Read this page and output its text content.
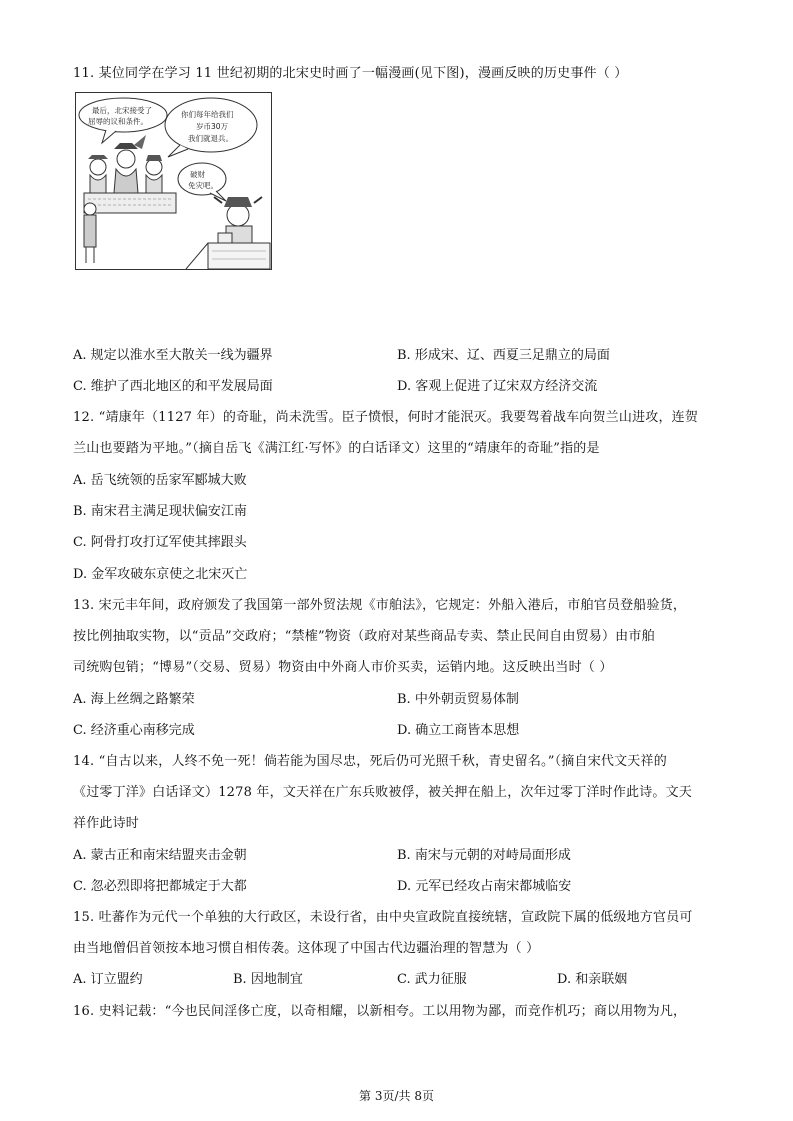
11. 某位同学在学习 11 世纪初期的北宋史时画了一幅漫画(见下图)，漫画反映的历史事件（ ）
最后，北宋接受了
屈辱的议和条件。
你们每年给我们
岁币30万
我们就退兵。
破财
免灾吧。
A. 规定以淮水至大散关一线为疆界	B. 形成宋、辽、西夏三足鼎立的局面
C. 维护了西北地区的和平发展局面	D. 客观上促进了辽宋双方经济交流
12. “靖康年（1127 年）的奇耻，尚未洗雪。臣子愤恨，何时才能泯灭。我要驾着战车向贺兰山进攻，连贺
兰山也要踏为平地。”（摘自岳飞《满江红·写怀》的白话译文）这里的“靖康年的奇耻”指的是
A. 岳飞统领的岳家军郾城大败
B. 南宋君主满足现状偏安江南
C. 阿骨打攻打辽军使其摔跟头
D. 金军攻破东京使之北宋灭亡
13. 宋元丰年间，政府颁发了我国第一部外贸法规《市舶法》，它规定：外船入港后，市舶官员登船验货，
按比例抽取实物，以“贡品”交政府；“禁榷”物资（政府对某些商品专卖、禁止民间自由贸易）由市舶
司统购包销；“博易”（交易、贸易）物资由中外商人市价买卖，运销内地。这反映出当时（ ）
A. 海上丝绸之路繁荣	B. 中外朝贡贸易体制
C. 经济重心南移完成	D. 确立工商皆本思想
14. “自古以来，人终不免一死！倘若能为国尽忠，死后仍可光照千秋，青史留名。”（摘自宋代文天祥的
《过零丁洋》白话译文）1278 年，文天祥在广东兵败被俘，被关押在船上，次年过零丁洋时作此诗。文天
祥作此诗时
A. 蒙古正和南宋结盟夹击金朝	B. 南宋与元朝的对峙局面形成
C. 忽必烈即将把都城定于大都	D. 元军已经攻占南宋都城临安
15. 吐蕃作为元代一个单独的大行政区，未设行省，由中央宣政院直接统辖，宣政院下属的低级地方官员可
由当地僧侣首领按本地习惯自相传袭。这体现了中国古代边疆治理的智慧为（ ）
A. 订立盟约	B. 因地制宜	C. 武力征服	D. 和亲联姻
16. 史料记载：“今也民间淫侈亡度，以奇相耀，以新相夸。工以用物为鄙，而竞作机巧；商以用物为凡，
第 3页/共 8页
